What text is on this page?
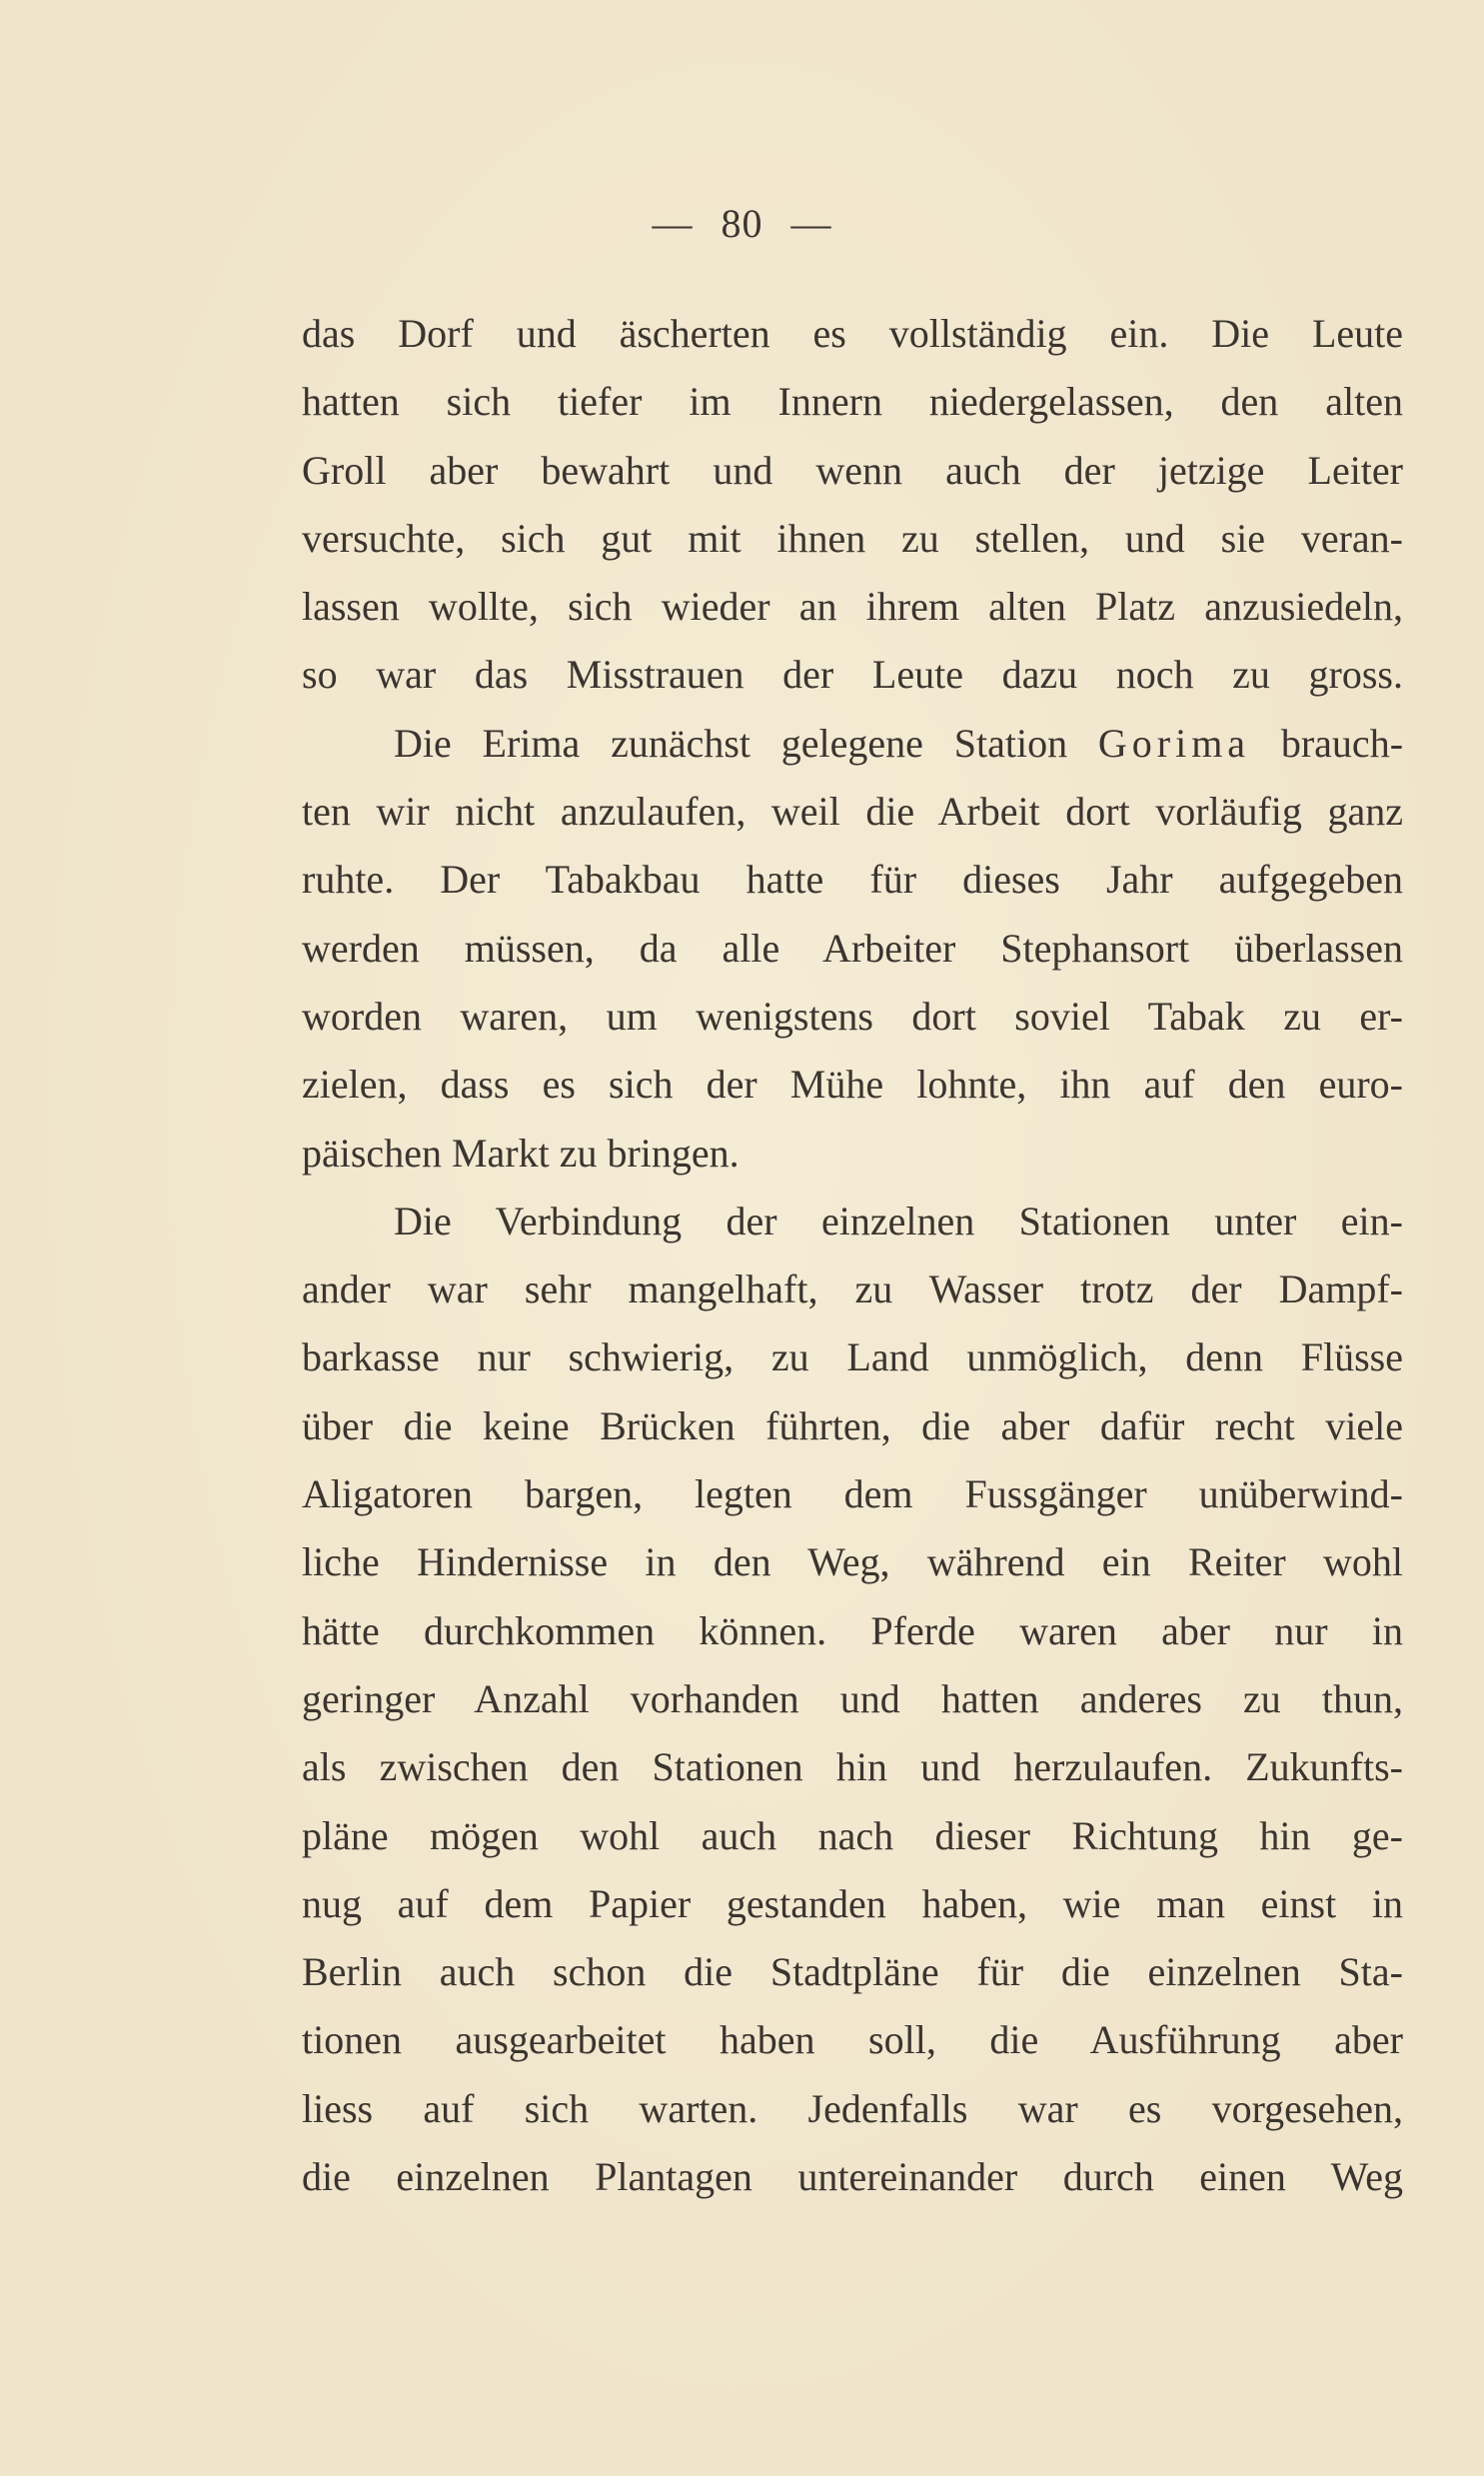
— 80 —
das Dorf und äscherten es vollständig ein. Die Leute
hatten sich tiefer im Innern niedergelassen, den alten
Groll aber bewahrt und wenn auch der jetzige Leiter
versuchte, sich gut mit ihnen zu stellen, und sie veran-
lassen wollte, sich wieder an ihrem alten Platz anzusiedeln,
so war das Misstrauen der Leute dazu noch zu gross.
Die Erima zunächst gelegene Station Gorima brauch-
ten wir nicht anzulaufen, weil die Arbeit dort vorläufig ganz
ruhte. Der Tabakbau hatte für dieses Jahr aufgegeben
werden müssen, da alle Arbeiter Stephansort überlassen
worden waren, um wenigstens dort soviel Tabak zu er-
zielen, dass es sich der Mühe lohnte, ihn auf den euro-
päischen Markt zu bringen.
Die Verbindung der einzelnen Stationen unter ein-
ander war sehr mangelhaft, zu Wasser trotz der Dampf-
barkasse nur schwierig, zu Land unmöglich, denn Flüsse
über die keine Brücken führten, die aber dafür recht viele
Aligatoren bargen, legten dem Fussgänger unüberwind-
liche Hindernisse in den Weg, während ein Reiter wohl
hätte durchkommen können. Pferde waren aber nur in
geringer Anzahl vorhanden und hatten anderes zu thun,
als zwischen den Stationen hin und herzulaufen. Zukunfts-
pläne mögen wohl auch nach dieser Richtung hin ge-
nug auf dem Papier gestanden haben, wie man einst in
Berlin auch schon die Stadtpläne für die einzelnen Sta-
tionen ausgearbeitet haben soll, die Ausführung aber
liess auf sich warten. Jedenfalls war es vorgesehen,
die einzelnen Plantagen untereinander durch einen Weg
